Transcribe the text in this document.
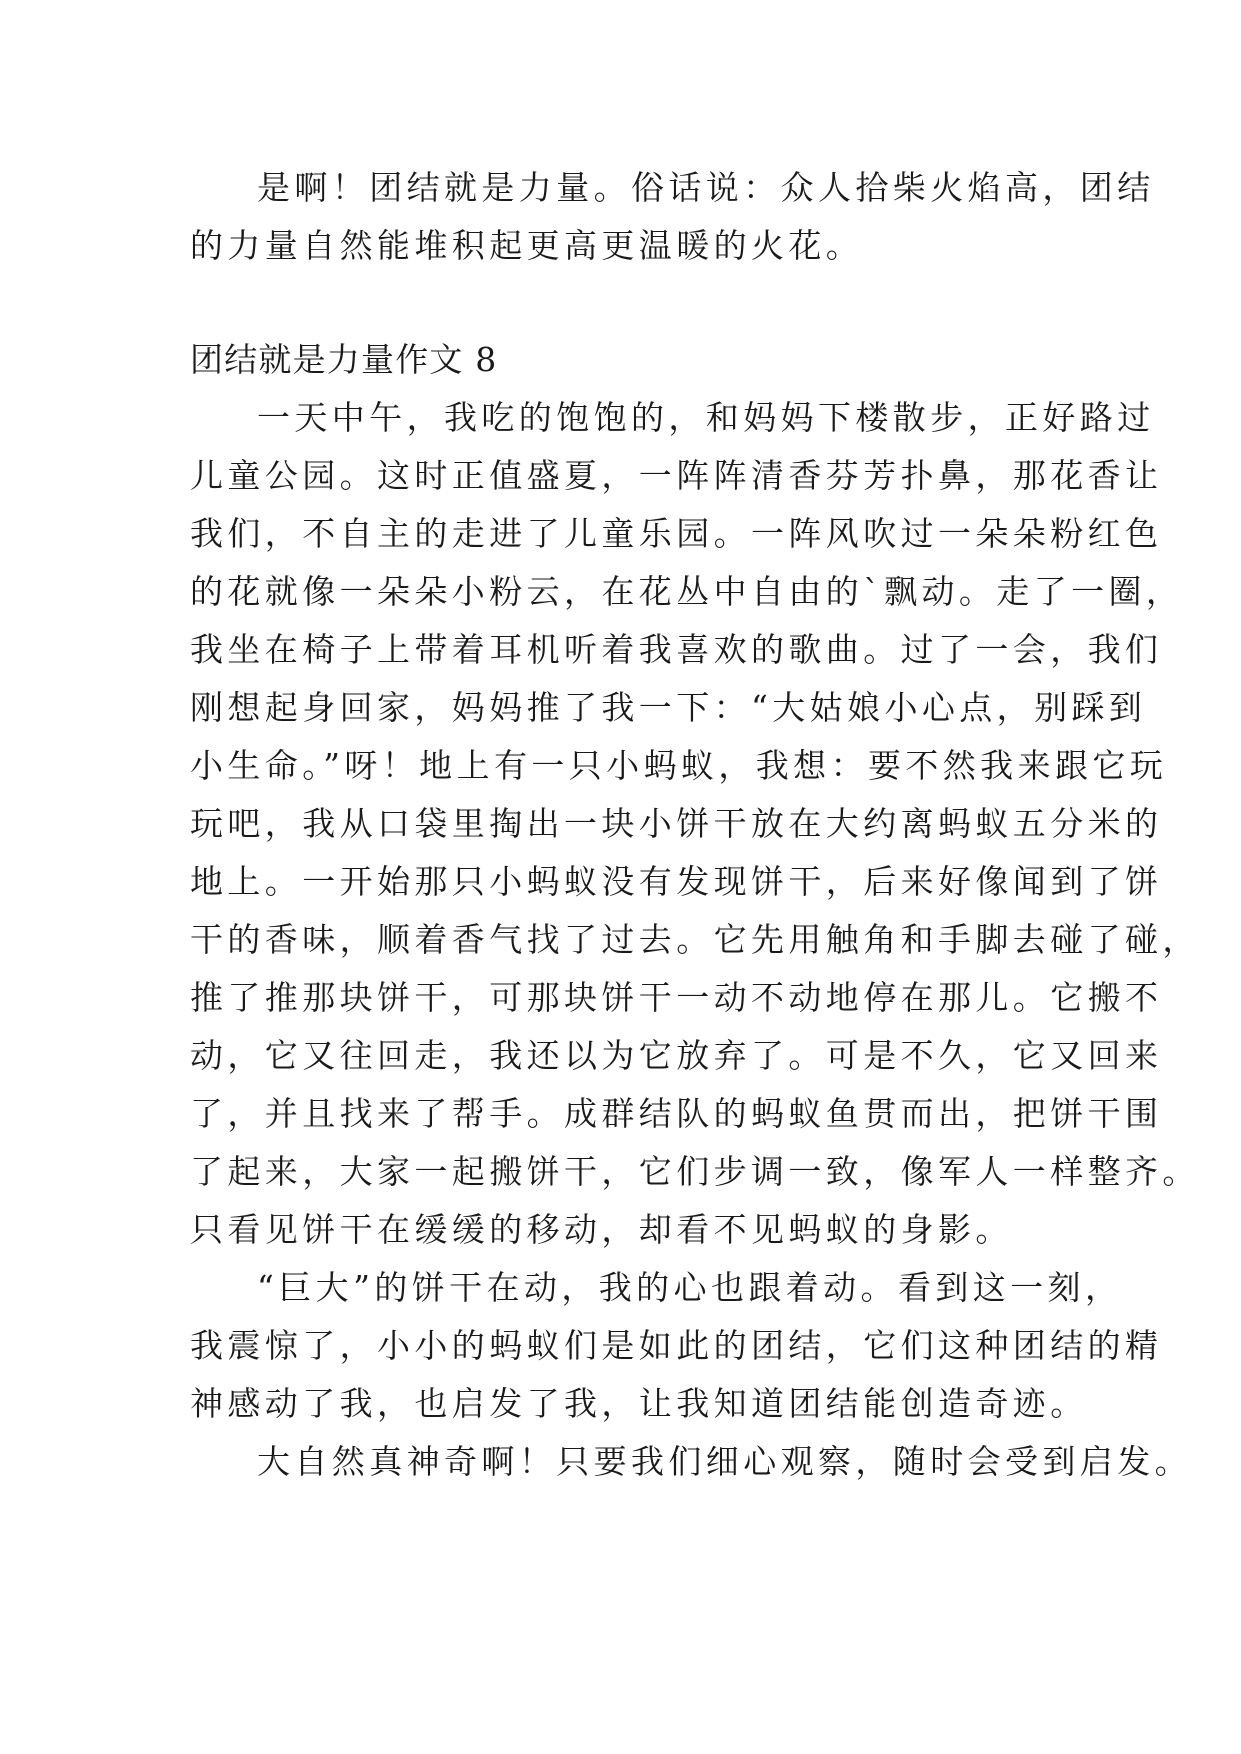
是啊！团结就是力量。俗话说：众人拾柴火焰高，团结

的力量自然能堆积起更高更温暖的火花。

团结就是力量作文 8

一天中午，我吃的饱饱的，和妈妈下楼散步，正好路过

儿童公园。这时正值盛夏，一阵阵清香芬芳扑鼻，那花香让

我们，不自主的走进了儿童乐园。一阵风吹过一朵朵粉红色

的花就像一朵朵小粉云，在花丛中自由的`飘动。走了一圈，

我坐在椅子上带着耳机听着我喜欢的歌曲。过了一会，我们

刚想起身回家，妈妈推了我一下：“大姑娘小心点，别踩到

小生命。”呀！地上有一只小蚂蚁，我想：要不然我来跟它玩

玩吧，我从口袋里掏出一块小饼干放在大约离蚂蚁五分米的

地上。一开始那只小蚂蚁没有发现饼干，后来好像闻到了饼

干的香味，顺着香气找了过去。它先用触角和手脚去碰了碰，

推了推那块饼干，可那块饼干一动不动地停在那儿。它搬不

动，它又往回走，我还以为它放弃了。可是不久，它又回来

了，并且找来了帮手。成群结队的蚂蚁鱼贯而出，把饼干围

了起来，大家一起搬饼干，它们步调一致，像军人一样整齐。

只看见饼干在缓缓的移动，却看不见蚂蚁的身影。

“巨大”的饼干在动，我的心也跟着动。看到这一刻，

我震惊了，小小的蚂蚁们是如此的团结，它们这种团结的精

神感动了我，也启发了我，让我知道团结能创造奇迹。

大自然真神奇啊！只要我们细心观察，随时会受到启发。
